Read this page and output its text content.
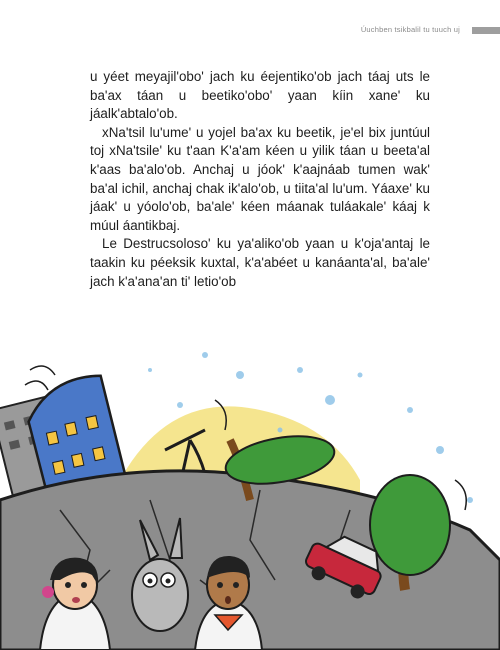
Úuchben tsikbalil tu tuuch uj

u yéet meyajil'obo' jach ku éejentiko'ob jach táaj uts le ba'ax táan u beetiko'obo' yaan kíin xane' ku jáalk'abtalo'ob.

xNa'tsil lu'ume' u yojel ba'ax ku beetik, je'el bix juntúul toj xNa'tsile' ku t'aan K'a'am kéen u yilik táan u beeta'al k'aas ba'alo'ob. Anchaj u jóok' k'aajnáab tumen wak' ba'al ichil, anchaj chak ik'alo'ob, u tiita'al lu'um. Yáaxe' ku jáak' u yóolo'ob, ba'ale' kéen máanak tuláakale' káaj k múul áantikbaj.

Le Destrucsoloso' ku ya'aliko'ob yaan u k'oja'antaj le taakin ku péeksik kuxtal, k'a'abéet u kanáanta'al, ba'ale' jach k'a'ana'an ti' letio'ob
